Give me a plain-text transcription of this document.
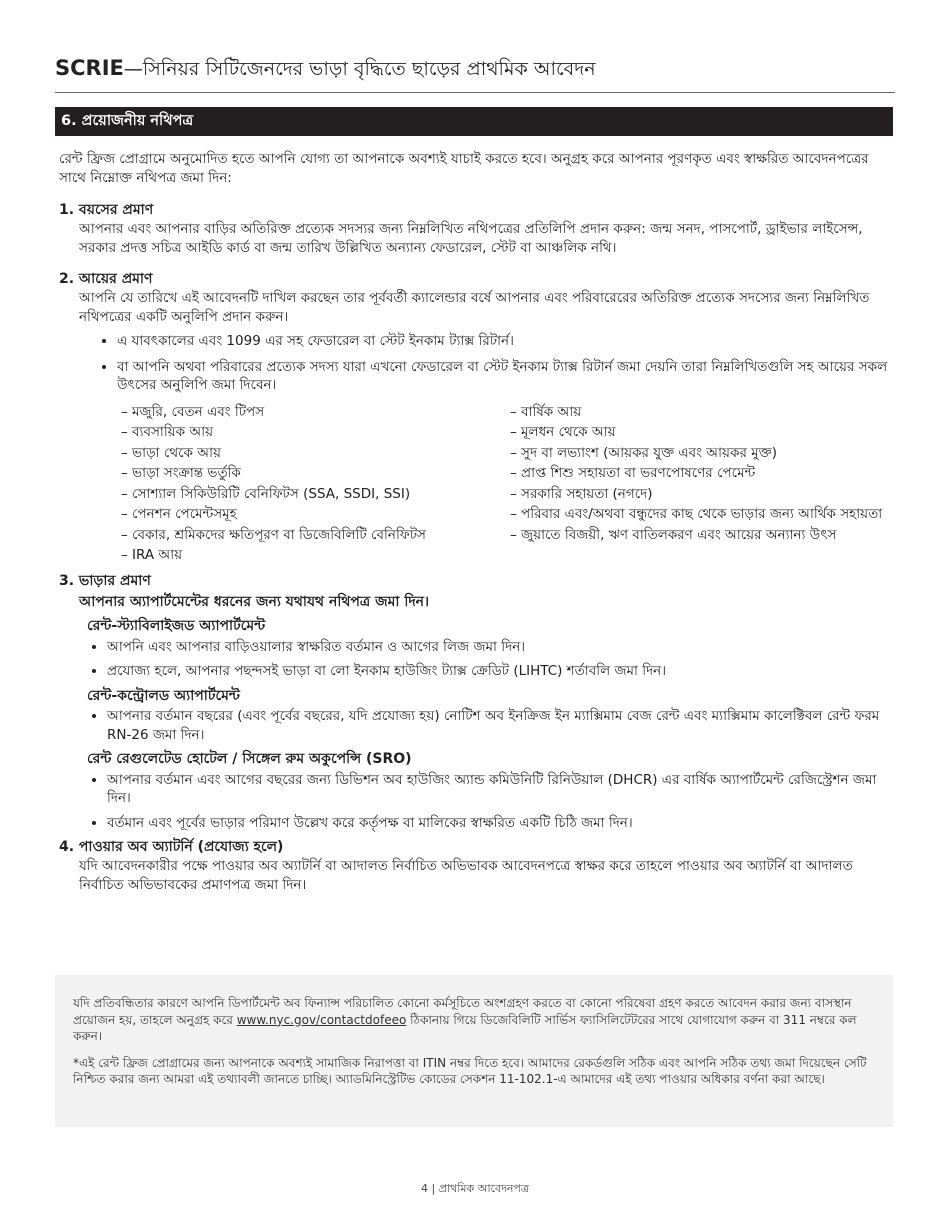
SCRIE—সিনিয়র সিটিজেনদের ভাড়া বৃদ্ধিতে ছাড়ের প্রাথমিক আবেদন
6. প্রয়োজনীয় নথিপত্র

রেন্ট ফ্রিজ প্রোগ্রামে অনুমোদিত হতে আপনি যোগ্য তা আপনাকে অবশ্যই যাচাই করতে হবে। অনুগ্রহ করে আপনার পূরণকৃত এবং স্বাক্ষরিত আবেদনপত্রের সাথে নিম্নোক্ত নথিপত্র জমা দিন:

1. বয়সের প্রমাণ

আপনার এবং আপনার বাড়ির অতিরিক্ত প্রত্যেক সদস্যর জন্য নিম্নলিখিত নথিপত্রের প্রতিলিপি প্রদান করুন: জন্ম সনদ, পাসপোর্ট, ড্রাইভার লাইসেন্স, সরকার প্রদত্ত সচিত্র আইডি কার্ড বা জন্ম তারিখ উল্লিখিত অন্যান্য ফেডারেল, স্টেট বা আঞ্চলিক নথি।

2. আয়ের প্রমাণ

আপনি যে তারিখে এই আবেদনটি দাখিল করছেন তার পূর্ববর্তী ক্যালেন্ডার বর্ষে আপনার এবং পরিবারেরের অতিরিক্ত প্রত্যেক সদস্যের জন্য নিম্নলিখিত নথিপত্রের একটি অনুলিপি প্রদান করুন।

• এ যাবৎকালের এবং 1099 এর সহ ফেডারেল বা স্টেট ইনকাম ট্যাক্স রিটার্ন।
• বা আপনি অথবা পরিবারের প্রত্যেক সদস্য যারা এখনো ফেডারেল বা স্টেট ইনকাম ট্যাক্স রিটার্ন জমা দেয়নি তারা নিম্নলিখিতগুলি সহ আয়ের সকল উৎসের অনুলিপি জমা দিবেন।
– মজুরি, বেতন এবং টিপস
– ব্যবসায়িক আয়
– ভাড়া থেকে আয়
– ভাড়া সংক্রান্ত ভর্তুকি
– সোশ্যাল সিকিউরিটি বেনিফিটস (SSA, SSDI, SSI)
– পেনশন পেমেন্টসমূহ
– বেকার, শ্রমিকদের ক্ষতিপূরণ বা ডিজেবিলিটি বেনিফিটস
– IRA আয়
– বার্ষিক আয়
– মূলধন থেকে আয়
– সুদ বা লভ্যাংশ (আয়কর যুক্ত এবং আয়কর মুক্ত)
– প্রাপ্ত শিশু সহায়তা বা ভরণপোষণের পেমেন্ট
– সরকারি সহায়তা (নগদে)
– পরিবার এবং/অথবা বন্ধুদের কাছ থেকে ভাড়ার জন্য আর্থিক সহায়তা
– জুয়াতে বিজয়ী, ঋণ বাতিলকরণ এবং আয়ের অন্যান্য উৎস

3. ভাড়ার প্রমাণ

আপনার অ্যাপার্টমেন্টের ধরনের জন্য যথাযথ নথিপত্র জমা দিন।

রেন্ট-স্ট্যাবিলাইজড অ্যাপার্টমেন্ট

• আপনি এবং আপনার বাড়িওয়ালার স্বাক্ষরিত বর্তমান ও আগের লিজ জমা দিন।
• প্রযোজ্য হলে, আপনার পছন্দসই ভাড়া বা লো ইনকাম হাউজিং ট্যাক্স ক্রেডিট (LIHTC) শর্তাবলি জমা দিন।

রেন্ট-কন্ট্রোলড অ্যাপার্টমেন্ট

• আপনার বর্তমান বছরের (এবং পূর্বের বছরের, যদি প্রযোজ্য হয়) নোটিশ অব ইনক্রিজ ইন ম্যাক্সিমাম বেজ রেন্ট এবং ম্যাক্সিমাম কালেক্টিবল রেন্ট ফরম RN-26 জমা দিন।

রেন্ট রেগুলেটেড হোটেল / সিঙ্গেল রুম অকুপেন্সি (SRO)

• আপনার বর্তমান এবং আগের বছরের জন্য ডিভিশন অব হাউজিং অ্যান্ড কমিউনিটি রিনিউয়াল (DHCR) এর বার্ষিক অ্যাপার্টমেন্ট রেজিস্ট্রেশন জমা দিন।
• বর্তমান এবং পূর্বের ভাড়ার পরিমাণ উল্লেখ করে কর্তৃপক্ষ বা মালিকের স্বাক্ষরিত একটি চিঠি জমা দিন।

4. পাওয়ার অব অ্যাটর্নি (প্রযোজ্য হলে)

যদি আবেদনকারীর পক্ষে পাওয়ার অব অ্যাটর্নি বা আদালত নির্বাচিত অভিভাবক আবেদনপত্রে স্বাক্ষর করে তাহলে পাওয়ার অব অ্যাটর্নি বা আদালত নির্বাচিত অভিভাবকের প্রমাণপত্র জমা দিন।

যদি প্রতিবন্ধিতার কারণে আপনি ডিপার্টমেন্ট অব ফিন্যান্স পরিচালিত কোনো কর্মসূচিতে অংশগ্রহণ করতে বা কোনো পরিষেবা গ্রহণ করতে আবেদন করার জন্য বাসস্থান প্রয়োজন হয়, তাহলে অনুগ্রহ করে www.nyc.gov/contactdofeeo ঠিকানায় গিয়ে ডিজেবিলিটি সার্ভিস ফ্যাসিলিটেটরের সাথে যোগাযোগ করুন বা 311 নম্বরে কল করুন।

*এই রেন্ট ফ্রিজ প্রোগ্রামের জন্য আপনাকে অবশ্যই সামাজিক নিরাপত্তা বা ITIN নম্বর দিতে হবে। আমাদের রেকর্ডগুলি সঠিক এবং আপনি সঠিক তথ্য জমা দিয়েছেন সেটি নিশ্চিত করার জন্য আমরা এই তথ্যাবলী জানতে চাচ্ছি। অ্যাডমিনিস্ট্রেটিভ কোডের সেকশন 11-102.1-এ আমাদের এই তথ্য পাওয়ার অধিকার বর্ণনা করা আছে।

4 | প্রাথমিক আবেদনপত্র
